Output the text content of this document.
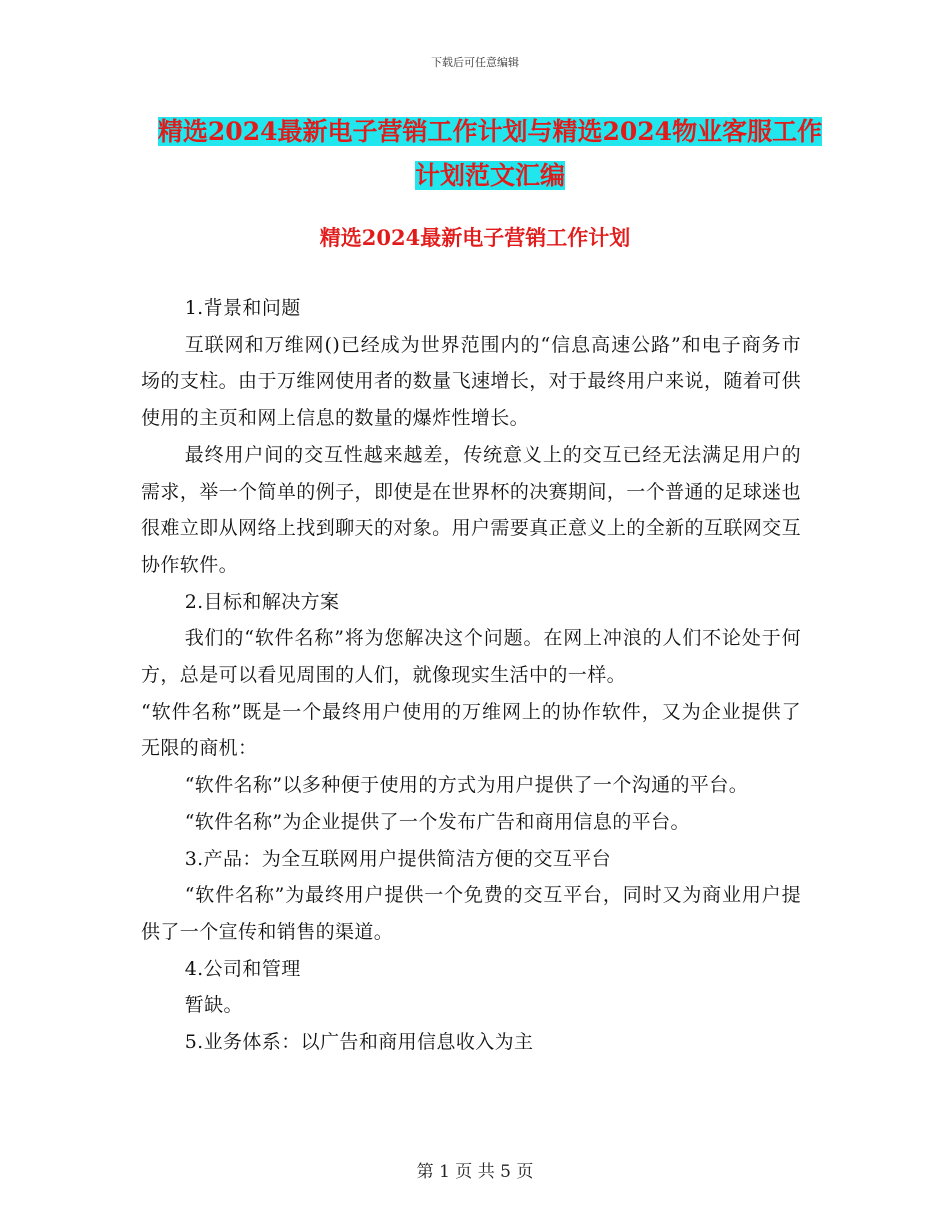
下载后可任意编辑
精选2024最新电子营销工作计划与精选2024物业客服工作计划范文汇编
精选2024最新电子营销工作计划

1.背景和问题

互联网和万维网()已经成为世界范围内的“信息高速公路”和电子商务市场的支柱。由于万维网使用者的数量飞速增长，对于最终用户来说，随着可供使用的主页和网上信息的数量的爆炸性增长。

最终用户间的交互性越来越差，传统意义上的交互已经无法满足用户的需求，举一个简单的例子，即使是在世界杯的决赛期间，一个普通的足球迷也很难立即从网络上找到聊天的对象。用户需要真正意义上的全新的互联网交互协作软件。

2.目标和解决方案

我们的“软件名称”将为您解决这个问题。在网上冲浪的人们不论处于何方，总是可以看见周围的人们，就像现实生活中的一样。

“软件名称”既是一个最终用户使用的万维网上的协作软件，又为企业提供了无限的商机：

“软件名称”以多种便于使用的方式为用户提供了一个沟通的平台。

“软件名称”为企业提供了一个发布广告和商用信息的平台。

3.产品：为全互联网用户提供简洁方便的交互平台

“软件名称”为最终用户提供一个免费的交互平台，同时又为商业用户提供了一个宣传和销售的渠道。

4.公司和管理

暂缺。

5.业务体系：以广告和商用信息收入为主

第 1 页 共 5 页
